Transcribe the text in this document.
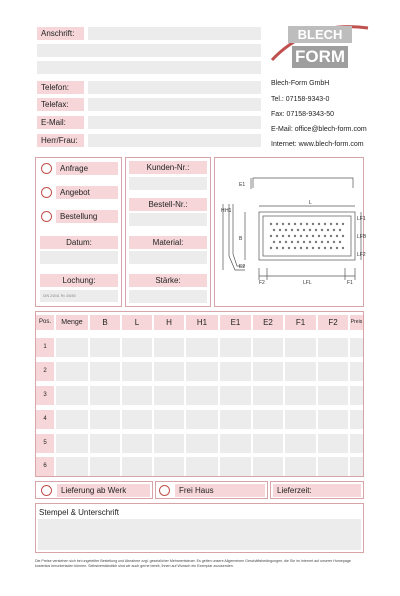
Anschrift:
Telefon:
Telefax:
E-Mail:
Herr/Frau:
BLECH
FORM
Blech-Form GmbH
Tel.: 07158-9343-0
Fax: 07158-9343-50
E-Mail: office@blech-form.com
Internet: www.blech-form.com
Anfrage
Angebot
Bestellung
Datum:
Lochung:
DIN 24041 Rv 3/6/50
Kunden-Nr.:
Bestell-Nr.:
Material:
Stärke:
L
B
H H1
E1
E2
F1
F2
LF1
LF2
LFB
LFL
Pos.	Menge	B	L	H	H1	E1	E2	F1	F2	Preis
1
2
3
4
5
6
Lieferung ab Werk	Frei Haus	Lieferzeit:
Stempel & Unterschrift
Die Preise verstehen sich bei ungeteilter Bestellung und Abnahme zzgl. gesetzlicher Mehrwertsteuer. Es gelten unsere Allgemeinen Geschäftsbedingungen, die Sie im Internet auf unserer Homepage kostenlos herunterladen können. Selbstverständlich sind wir auch gerne bereit, Ihnen auf Wunsch ein Exemplar zuzusenden.
